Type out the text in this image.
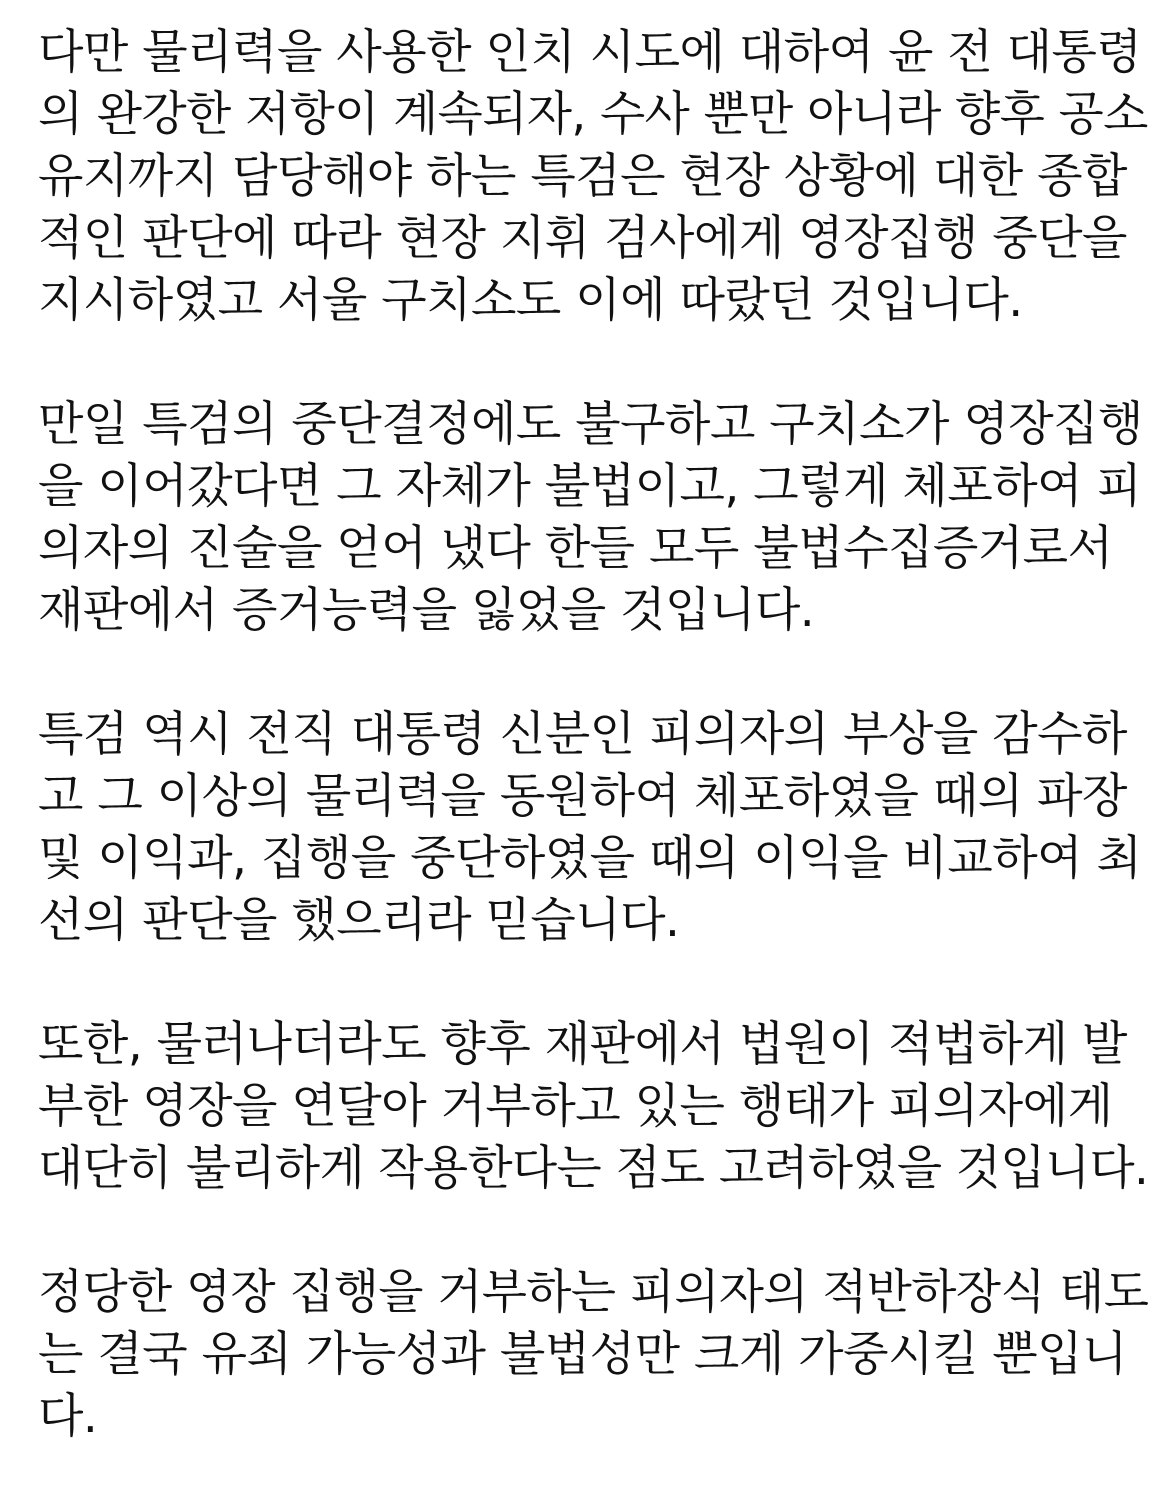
다만 물리력을 사용한 인치 시도에 대하여 윤 전 대통령
의 완강한 저항이 계속되자, 수사 뿐만 아니라 향후 공소
유지까지 담당해야 하는 특검은 현장 상황에 대한 종합
적인 판단에 따라 현장 지휘 검사에게 영장집행 중단을
지시하였고 서울 구치소도 이에 따랐던 것입니다.
만일 특검의 중단결정에도 불구하고 구치소가 영장집행
을 이어갔다면 그 자체가 불법이고, 그렇게 체포하여 피
의자의 진술을 얻어 냈다 한들 모두 불법수집증거로서
재판에서 증거능력을 잃었을 것입니다.
특검 역시 전직 대통령 신분인 피의자의 부상을 감수하
고 그 이상의 물리력을 동원하여 체포하였을 때의 파장
및 이익과, 집행을 중단하였을 때의 이익을 비교하여 최
선의 판단을 했으리라 믿습니다.
또한, 물러나더라도 향후 재판에서 법원이 적법하게 발
부한 영장을 연달아 거부하고 있는 행태가 피의자에게
대단히 불리하게 작용한다는 점도 고려하였을 것입니다.
정당한 영장 집행을 거부하는 피의자의 적반하장식 태도
는 결국 유죄 가능성과 불법성만 크게 가중시킬 뿐입니
다.
